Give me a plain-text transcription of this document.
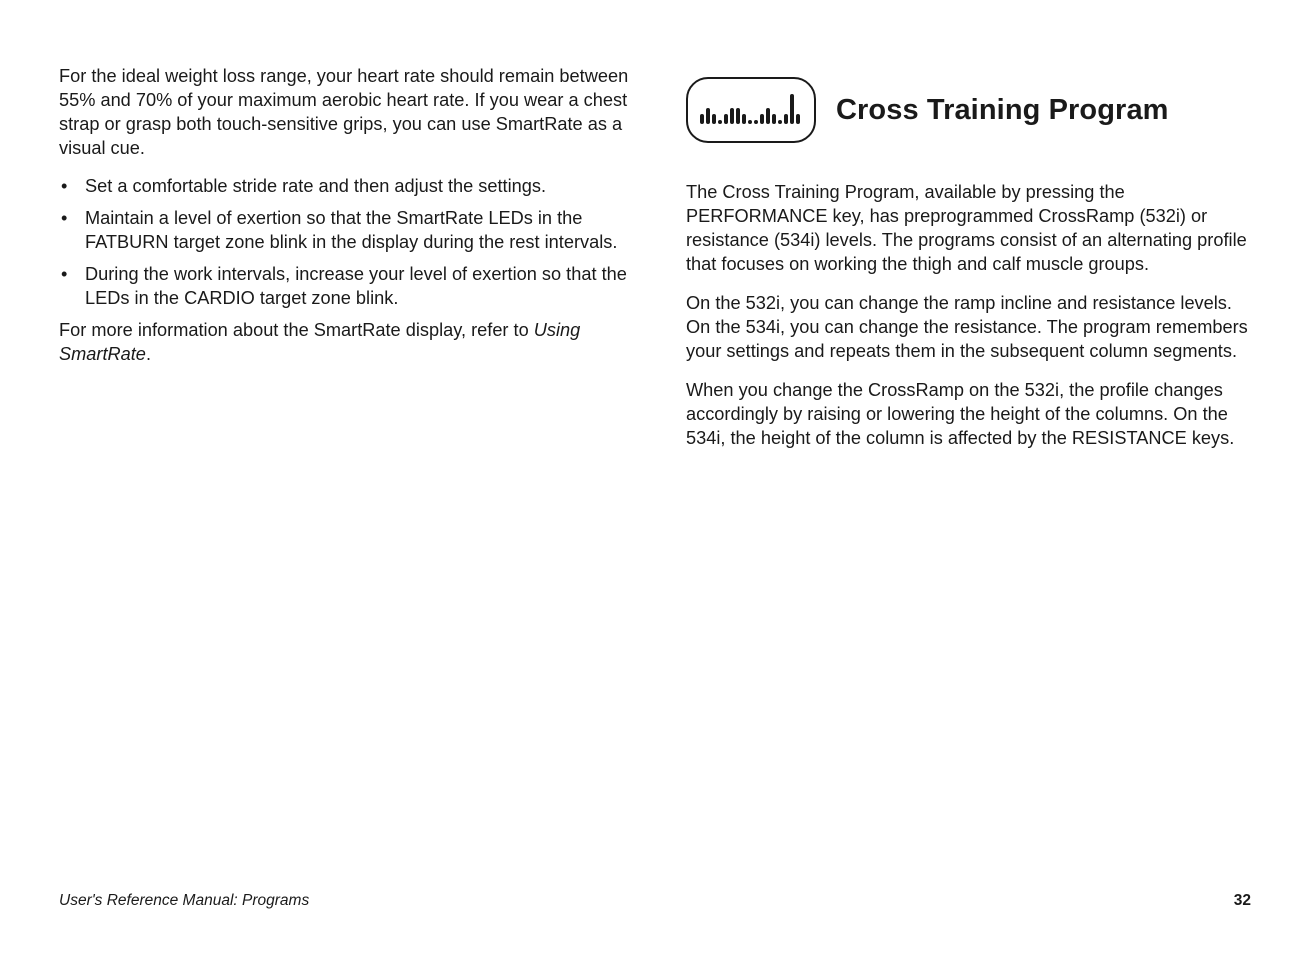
For the ideal weight loss range, your heart rate should remain between 55% and 70% of your maximum aerobic heart rate. If you wear a chest strap or grasp both touch-sensitive grips, you can use SmartRate as a visual cue.

• Set a comfortable stride rate and then adjust the settings.
• Maintain a level of exertion so that the SmartRate LEDs in the FATBURN target zone blink in the display during the rest intervals.
• During the work intervals, increase your level of exertion so that the LEDs in the CARDIO target zone blink.

For more information about the SmartRate display, refer to Using SmartRate.

Cross Training Program

The Cross Training Program, available by pressing the PERFORMANCE key, has preprogrammed CrossRamp (532i) or resistance (534i) levels. The programs consist of an alternating profile that focuses on working the thigh and calf muscle groups.

On the 532i, you can change the ramp incline and resistance levels. On the 534i, you can change the resistance. The program remembers your settings and repeats them in the subsequent column segments.

When you change the CrossRamp on the 532i, the profile changes accordingly by raising or lowering the height of the columns. On the 534i, the height of the column is affected by the RESISTANCE keys.

User's Reference Manual: Programs	32
